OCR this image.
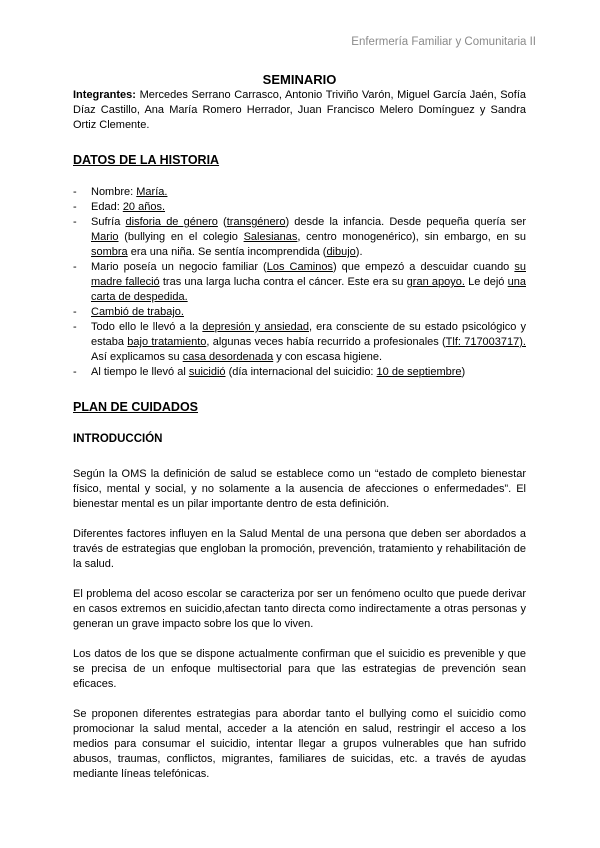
Enfermería Familiar y Comunitaria II
SEMINARIO
Integrantes: Mercedes Serrano Carrasco, Antonio Triviño Varón, Miguel García Jaén, Sofía Díaz Castillo, Ana María Romero Herrador, Juan Francisco Melero Domínguez y Sandra Ortiz Clemente.
DATOS DE LA HISTORIA
- Nombre: María.
- Edad: 20 años.
- Sufría disforia de género (transgénero) desde la infancia. Desde pequeña quería ser Mario (bullying en el colegio Salesianas, centro monogenérico), sin embargo, en su sombra era una niña. Se sentía incomprendida (dibujo).
- Mario poseía un negocio familiar (Los Caminos) que empezó a descuidar cuando su madre falleció tras una larga lucha contra el cáncer. Este era su gran apoyo. Le dejó una carta de despedida.
- Cambió de trabajo.
- Todo ello le llevó a la depresión y ansiedad, era consciente de su estado psicológico y estaba bajo tratamiento, algunas veces había recurrido a profesionales (Tlf: 717003717). Así explicamos su casa desordenada y con escasa higiene.
- Al tiempo le llevó al suicidió (día internacional del suicidio: 10 de septiembre)
PLAN DE CUIDADOS
INTRODUCCIÓN

Según la OMS la definición de salud se establece como un “estado de completo bienestar físico, mental y social, y no solamente a la ausencia de afecciones o enfermedades”. El bienestar mental es un pilar importante dentro de esta definición.

Diferentes factores influyen en la Salud Mental de una persona que deben ser abordados a través de estrategias que engloban la promoción, prevención, tratamiento y rehabilitación de la salud.

El problema del acoso escolar se caracteriza por ser un fenómeno oculto que puede derivar en casos extremos en suicidio,afectan tanto directa como indirectamente a otras personas y generan un grave impacto sobre los que lo viven.

Los datos de los que se dispone actualmente confirman que el suicidio es prevenible y que se precisa de un enfoque multisectorial para que las estrategias de prevención sean eficaces.

Se proponen diferentes estrategias para abordar tanto el bullying como el suicidio como promocionar la salud mental, acceder a la atención en salud, restringir el acceso a los medios para consumar el suicidio, intentar llegar a grupos vulnerables que han sufrido abusos, traumas, conflictos, migrantes, familiares de suicidas, etc. a través de ayudas mediante líneas telefónicas.
